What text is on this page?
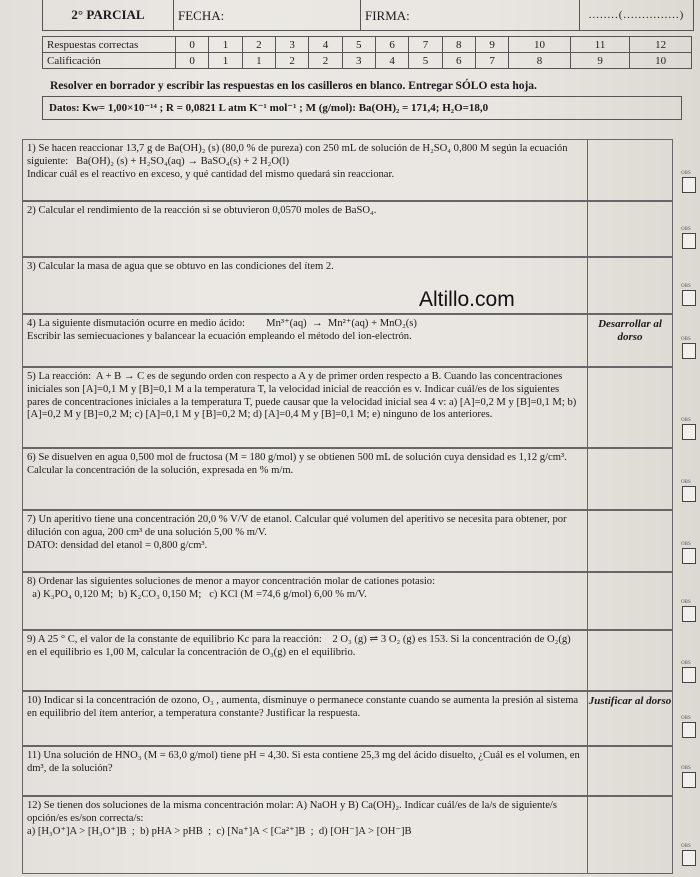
2° PARCIAL	FECHA:	FIRMA:	........(...............)
Respuestas correctas	0	1	2	3	4	5	6	7	8	9	10	11	12
Calificación	0	1	1	2	2	3	4	5	6	7	8	9	10
Resolver en borrador y escribir las respuestas en los casilleros en blanco. Entregar SÓLO esta hoja.
Datos: Kw= 1,00×10⁻¹⁴ ; R = 0,0821 L atm K⁻¹ mol⁻¹ ; M (g/mol): Ba(OH)₂ = 171,4; H₂O=18,0
1) Se hacen reaccionar 13,7 g de Ba(OH)₂ (s) (80,0 % de pureza) con 250 mL de solución de H₂SO₄ 0,800 M según la ecuación siguiente:   Ba(OH)₂ (s) + H₂SO₄(aq) → BaSO₄(s) + 2 H₂O(l)
Indicar cuál es el reactivo en exceso, y qué cantidad del mismo quedará sin reaccionar.	OBS
2) Calcular el rendimiento de la reacción si se obtuvieron 0,0570 moles de BaSO₄.
OBS
3) Calcular la masa de agua que se obtuvo en las condiciones del ítem 2.
OBS
4) La siguiente dismutación ocurre en medio ácido:        Mn³⁺(aq)  →  Mn²⁺(aq) + MnO₂(s)
Escribir las semiecuaciones y balancear la ecuación empleando el método del ion-electrón.
Desarrollar al dorso	OBS
5) La reacción:  A + B → C es de segundo orden con respecto a A y de primer orden respecto a B. Cuando las concentraciones iniciales son [A]=0,1 M y [B]=0,1 M a la temperatura T, la velocidad inicial de reacción es v. Indicar cuál/es de los siguientes pares de concentraciones iniciales a la temperatura T, puede causar que la velocidad inicial sea 4 v: a) [A]=0,2 M y [B]=0,1 M; b) [A]=0,2 M y [B]=0,2 M; c) [A]=0,1 M y [B]=0,2 M; d) [A]=0,4 M y [B]=0,1 M; e) ninguno de los anteriores.
OBS
6) Se disuelven en agua 0,500 mol de fructosa (M = 180 g/mol) y se obtienen 500 mL de solución cuya densidad es 1,12 g/cm³. Calcular la concentración de la solución, expresada en % m/m.
OBS
7) Un aperitivo tiene una concentración 20,0 % V/V de etanol. Calcular qué volumen del aperitivo se necesita para obtener, por dilución con agua, 200 cm³ de una solución 5,00 % m/V.
DATO: densidad del etanol = 0,800 g/cm³.	OBS
8) Ordenar las siguientes soluciones de menor a mayor concentración molar de cationes potasio:
a) K₃PO₄ 0,120 M;  b) K₂CO₃ 0,150 M;   c) KCl (M =74,6 g/mol) 6,00 % m/V.
OBS
9) A 25 ° C, el valor de la constante de equilibrio Kc para la reacción:    2 O₃ (g) ⇌ 3 O₂ (g) es 153. Si la concentración de O₂(g) en el equilibrio es 1,00 M, calcular la concentración de O₃(g) en el equilibrio.
OBS
10) Indicar si la concentración de ozono, O₃ , aumenta, disminuye o permanece constante cuando se aumenta la presión al sistema en equilibrio del ítem anterior, a temperatura constante? Justificar la respuesta.
Justificar al dorso
OBS
11) Una solución de HNO₃ (M = 63,0 g/mol) tiene pH = 4,30. Si esta contiene 25,3 mg del ácido disuelto, ¿Cuál es el volumen, en dm³, de la solución?	OBS
12) Se tienen dos soluciones de la misma concentración molar: A) NaOH y B) Ca(OH)₂. Indicar cuál/es de la/s de siguiente/s opción/es es/son correcta/s:
a) [H₃O⁺]A > [H₃O⁺]B  ;  b) pHA > pHB  ;  c) [Na⁺]A < [Ca²⁺]B  ;  d) [OH⁻]A > [OH⁻]B
OBS
Altillo.com
